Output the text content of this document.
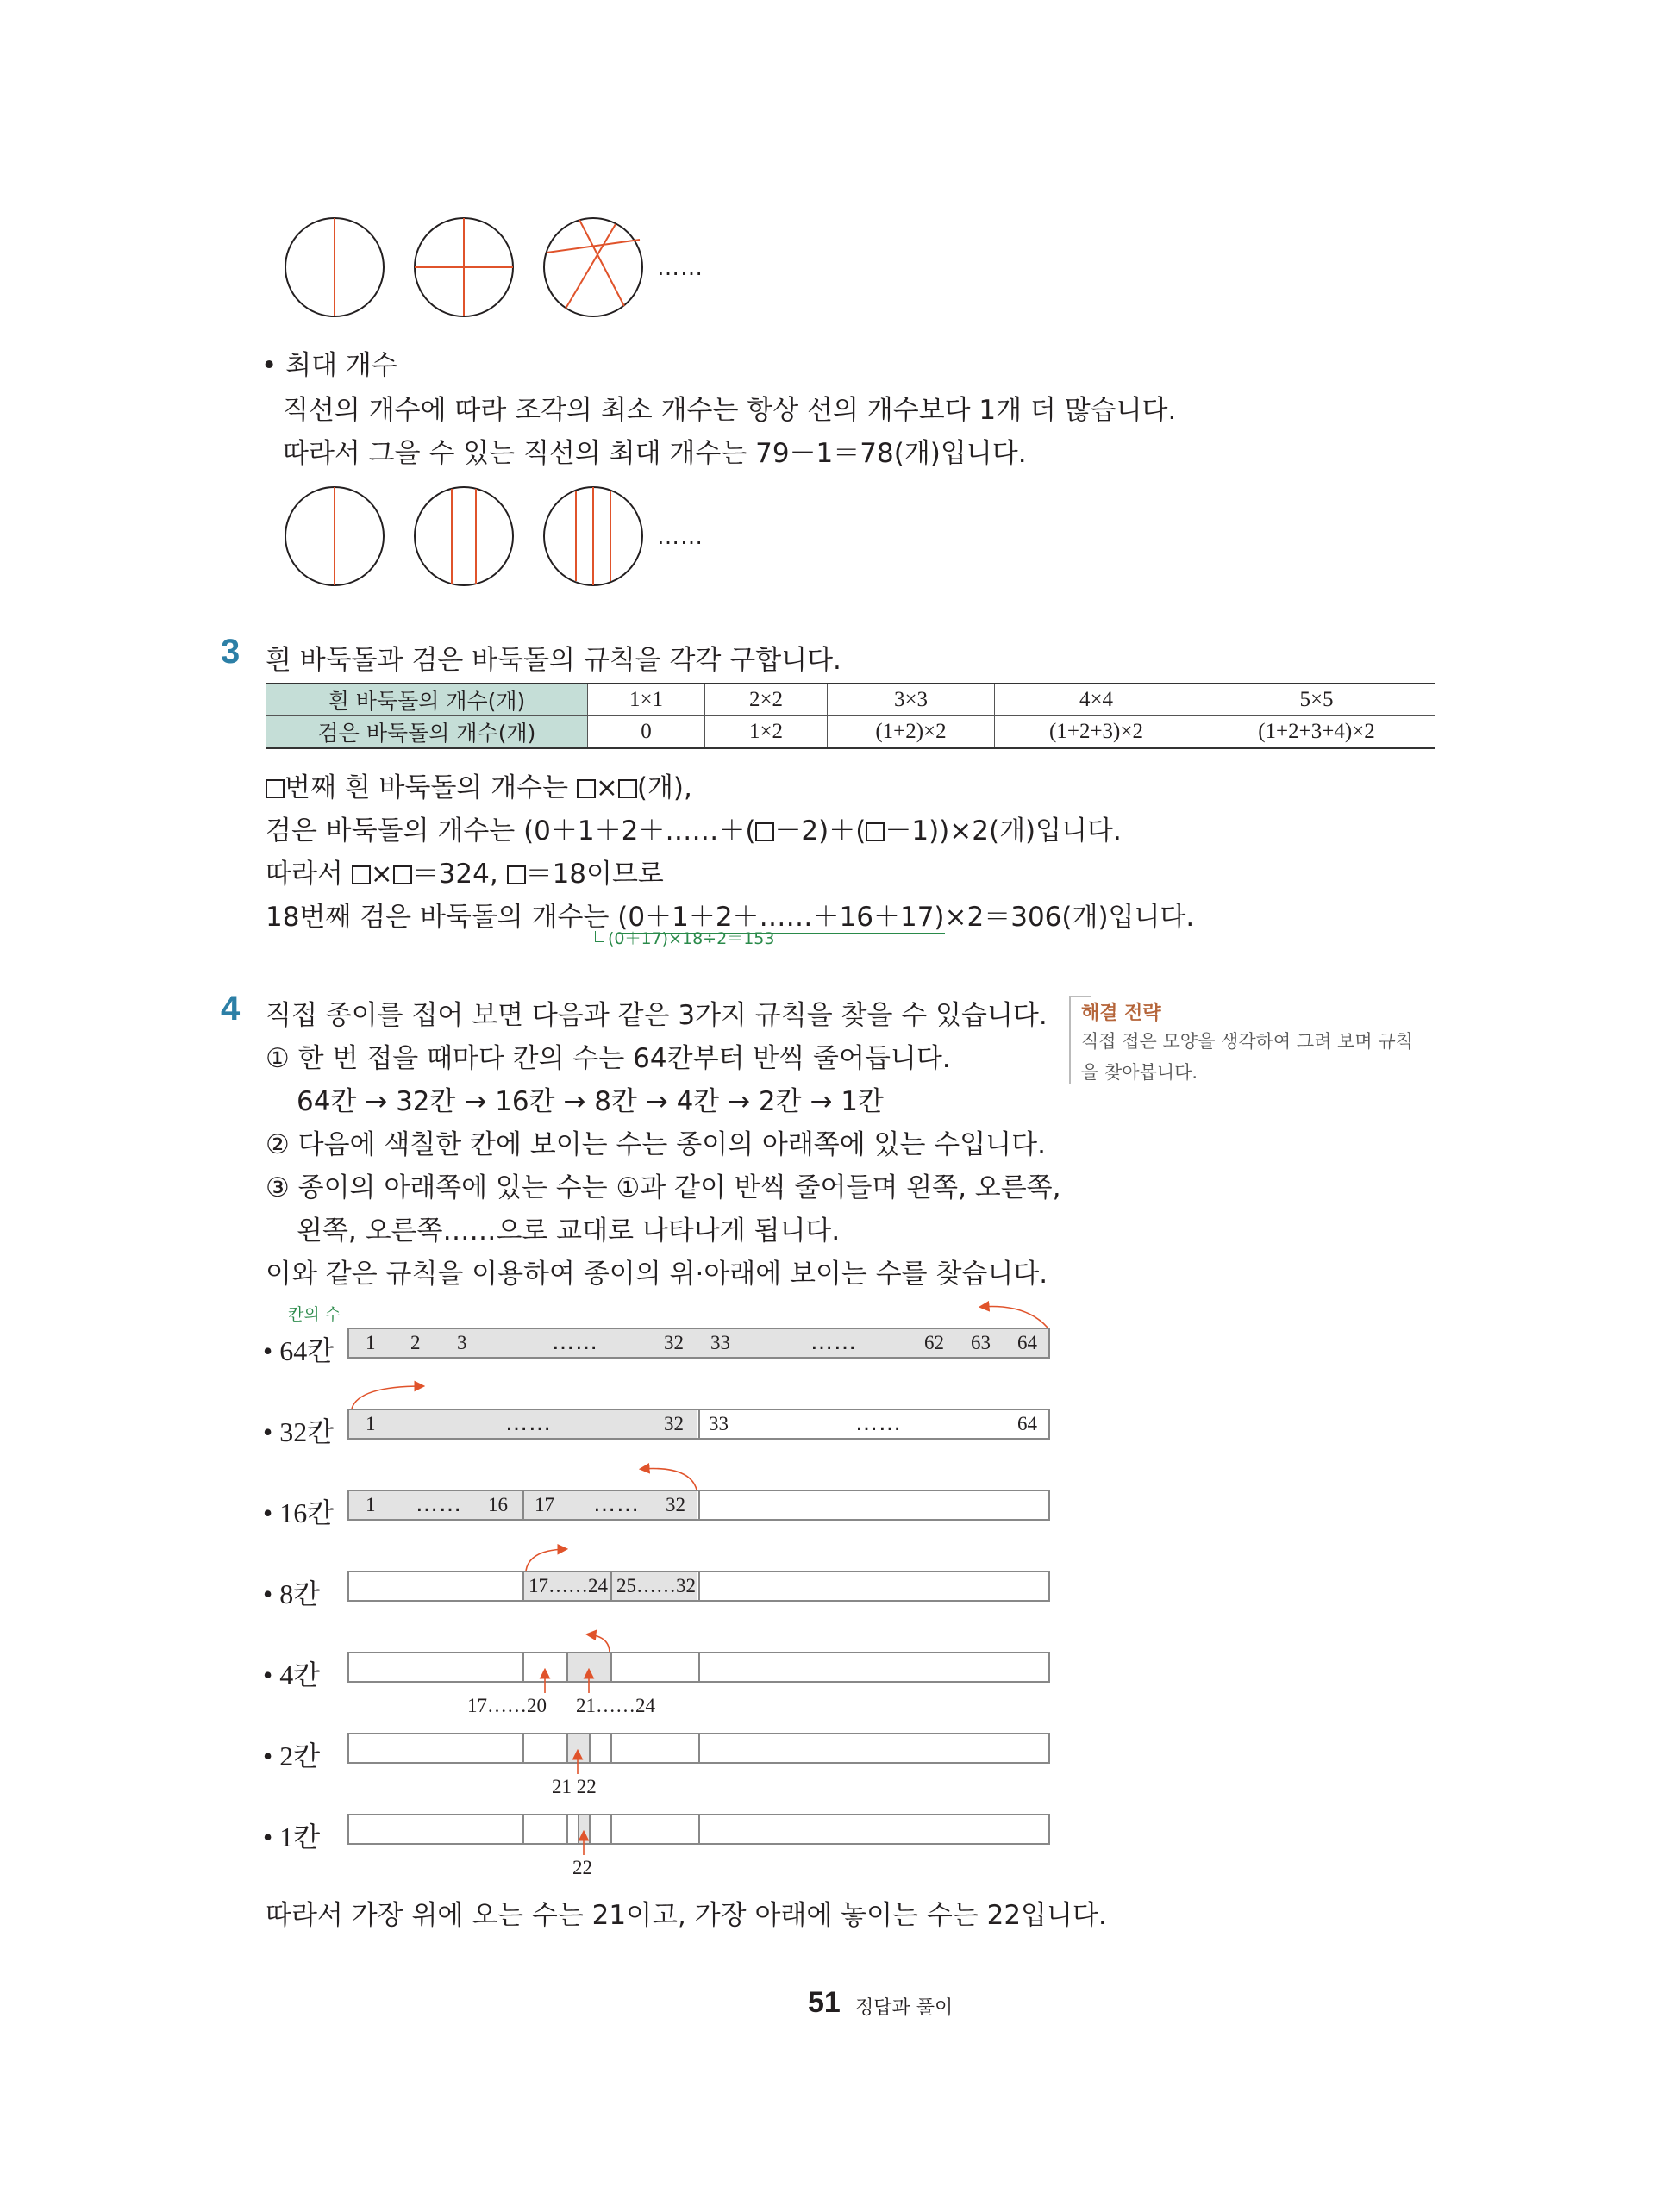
……
• 최대 개수
직선의 개수에 따라 조각의 최소 개수는 항상 선의 개수보다 1개 더 많습니다.
따라서 그을 수 있는 직선의 최대 개수는 79－1＝78(개)입니다.
……
3 흰 바둑돌과 검은 바둑돌의 규칙을 각각 구합니다.
흰 바둑돌의 개수(개)	1×1	2×2	3×3	4×4	5×5
검은 바둑돌의 개수(개)	0	1×2	(1+2)×2	(1+2+3)×2	(1+2+3+4)×2
번째 흰 바둑돌의 개수는 × (개),
검은 바둑돌의 개수는 (0＋1＋2＋……＋( －2)＋( －1))×2(개)입니다.
따라서 × ＝324, ＝18이므로
18번째 검은 바둑돌의 개수는 (0＋1＋2＋……＋16＋17)×2＝306(개)입니다.
(0＋17)×18÷2＝153
4 직접 종이를 접어 보면 다음과 같은 3가지 규칙을 찾을 수 있습니다.
① 한 번 접을 때마다 칸의 수는 64칸부터 반씩 줄어듭니다.
64칸 → 32칸 → 16칸 → 8칸 → 4칸 → 2칸 → 1칸
② 다음에 색칠한 칸에 보이는 수는 종이의 아래쪽에 있는 수입니다.
③ 종이의 아래쪽에 있는 수는 ①과 같이 반씩 줄어들며 왼쪽, 오른쪽,
왼쪽, 오른쪽……으로 교대로 나타나게 됩니다.
이와 같은 규칙을 이용하여 종이의 위·아래에 보이는 수를 찾습니다.
해결 전략
직접 접은 모양을 생각하여 그려 보며 규칙
을 찾아봅니다.
칸의 수
• 64칸 1 2 3	……	32 33	……	62 63 64
• 32칸 1	……	32 33	……	64
• 16칸 1 …… 16 17 …… 32
• 8칸	17……24 25……32
• 4칸
17……20 21……24
• 2칸
21 22
• 1칸
22
따라서 가장 위에 오는 수는 21이고, 가장 아래에 놓이는 수는 22입니다.
51 정답과 풀이
